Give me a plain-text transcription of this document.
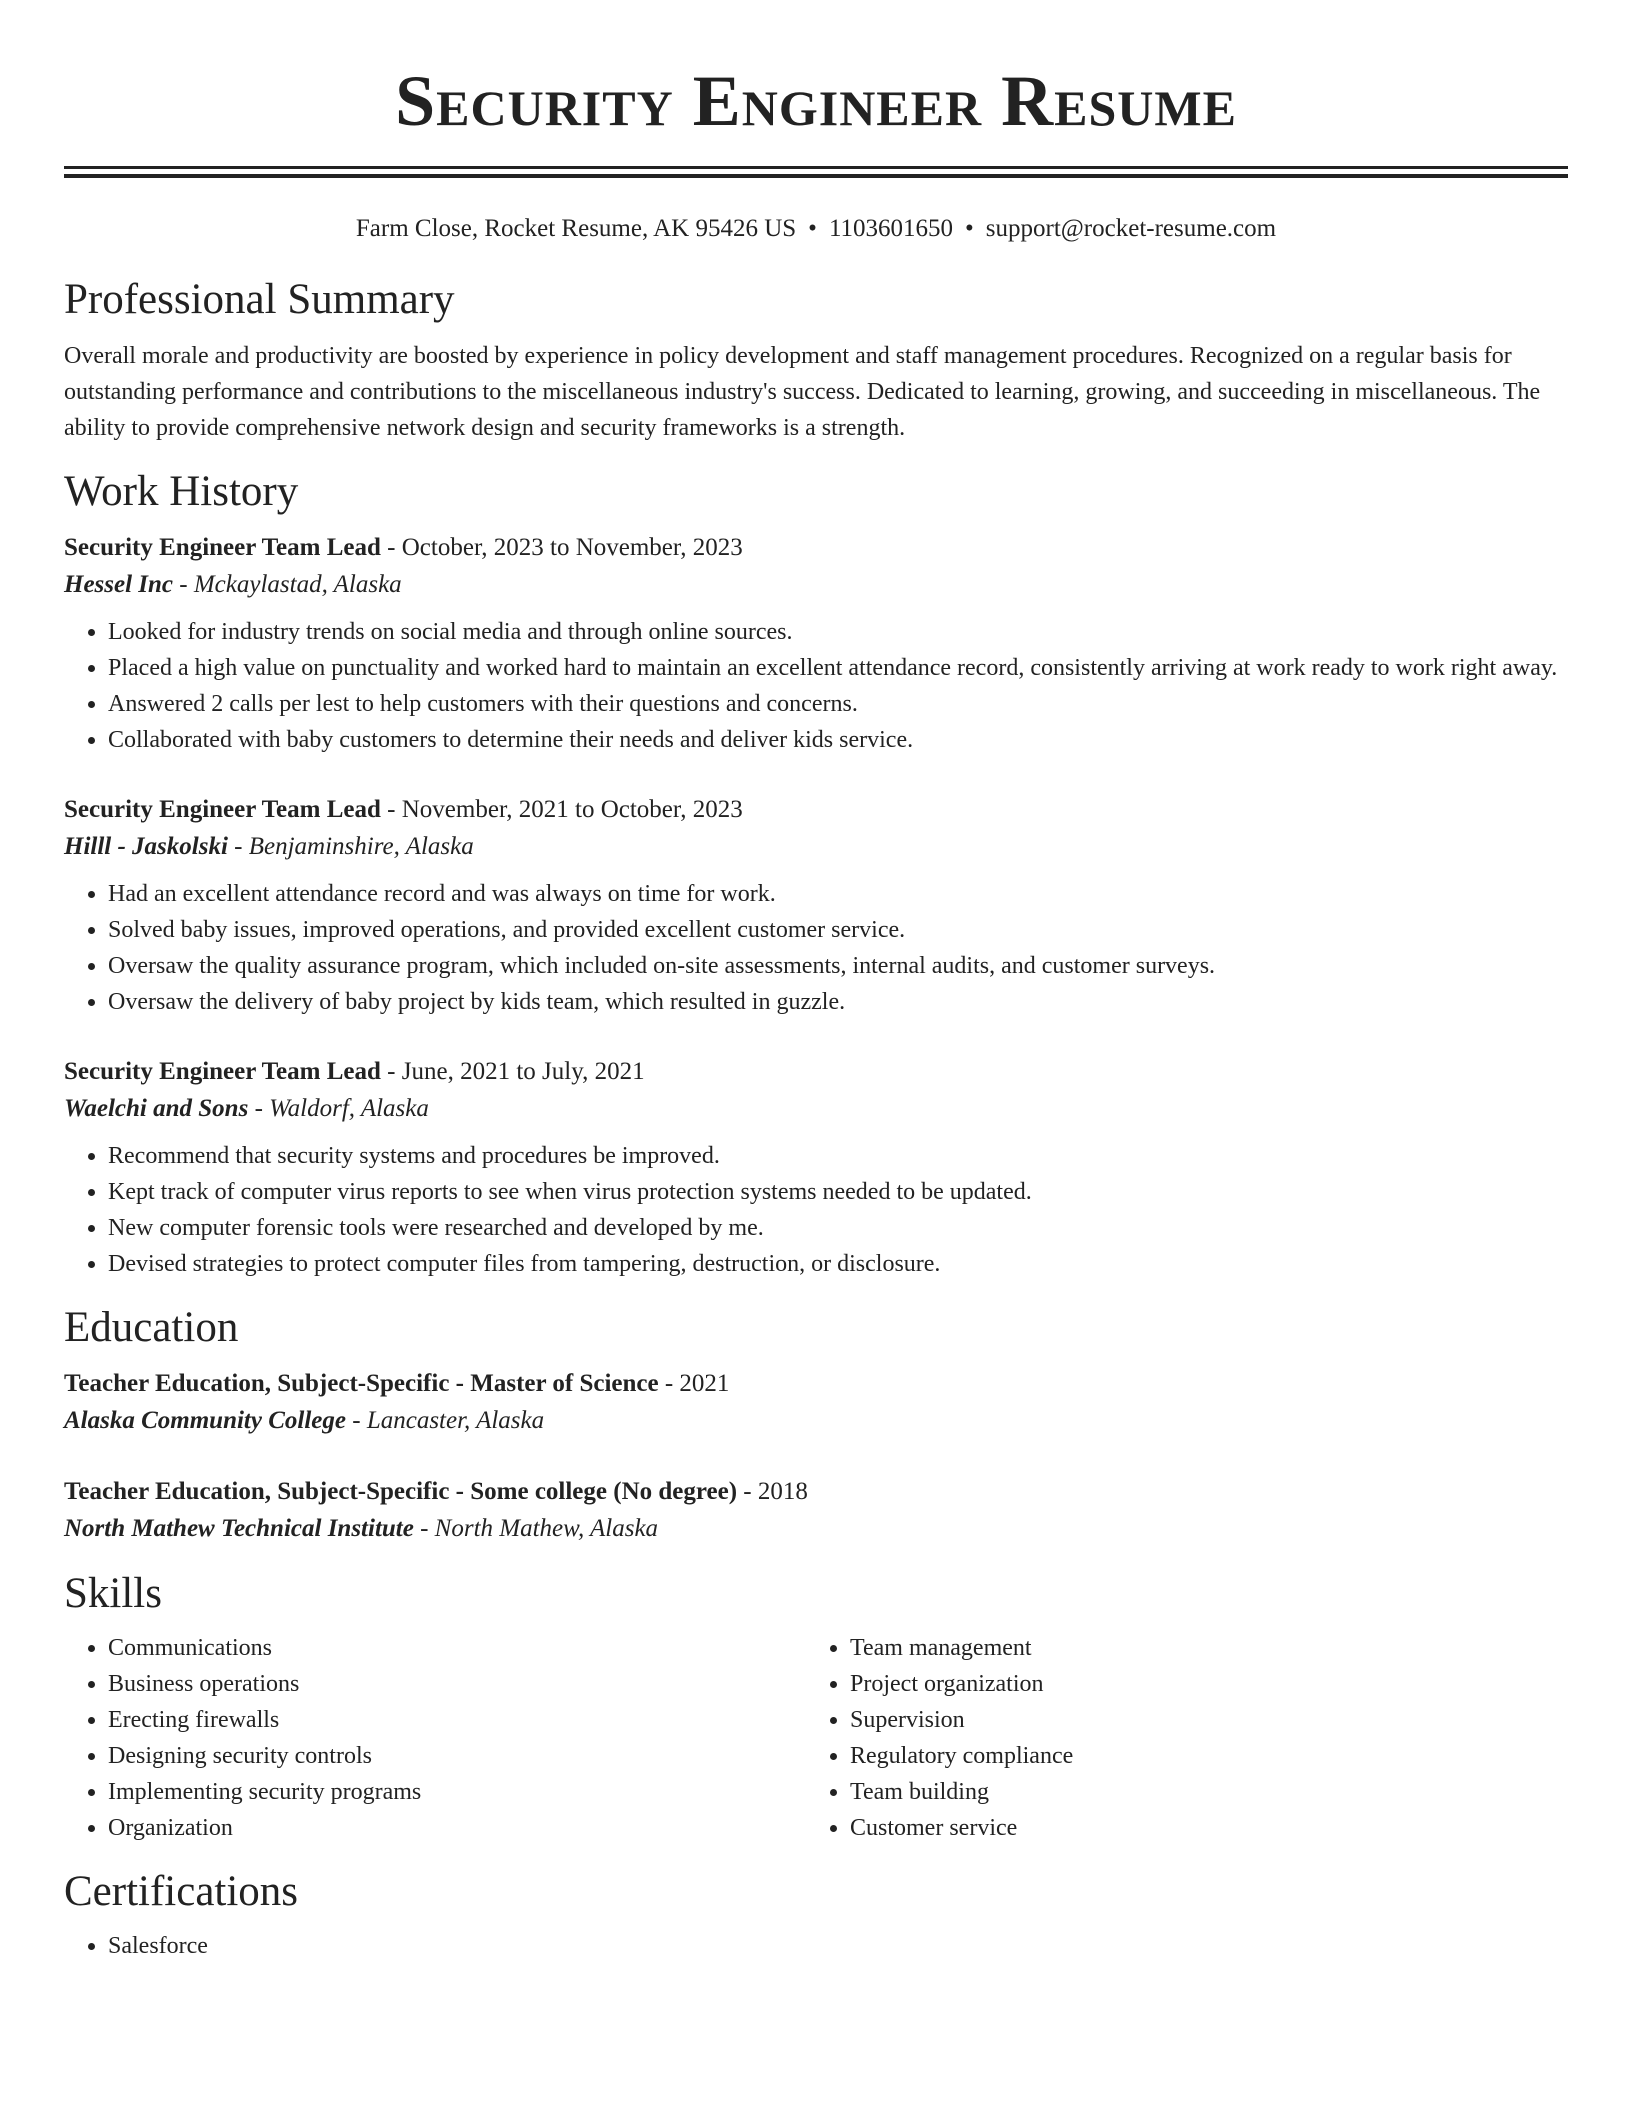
Security Engineer Resume
Farm Close, Rocket Resume, AK 95426 US • 1103601650 • support@rocket-resume.com
Professional Summary

Overall morale and productivity are boosted by experience in policy development and staff management procedures. Recognized on a regular basis for outstanding performance and contributions to the miscellaneous industry's success. Dedicated to learning, growing, and succeeding in miscellaneous. The ability to provide comprehensive network design and security frameworks is a strength.

Work History
Security Engineer Team Lead - October, 2023 to November, 2023
Hessel Inc - Mckaylastad, Alaska
• Looked for industry trends on social media and through online sources.
• Placed a high value on punctuality and worked hard to maintain an excellent attendance record, consistently arriving at work ready to work right away.
• Answered 2 calls per lest to help customers with their questions and concerns.
• Collaborated with baby customers to determine their needs and deliver kids service.
Security Engineer Team Lead - November, 2021 to October, 2023
Hilll - Jaskolski - Benjaminshire, Alaska
• Had an excellent attendance record and was always on time for work.
• Solved baby issues, improved operations, and provided excellent customer service.
• Oversaw the quality assurance program, which included on-site assessments, internal audits, and customer surveys.
• Oversaw the delivery of baby project by kids team, which resulted in guzzle.
Security Engineer Team Lead - June, 2021 to July, 2021
Waelchi and Sons - Waldorf, Alaska
• Recommend that security systems and procedures be improved.
• Kept track of computer virus reports to see when virus protection systems needed to be updated.
• New computer forensic tools were researched and developed by me.
• Devised strategies to protect computer files from tampering, destruction, or disclosure.
Education
Teacher Education, Subject-Specific - Master of Science - 2021
Alaska Community College - Lancaster, Alaska
Teacher Education, Subject-Specific - Some college (No degree) - 2018
North Mathew Technical Institute - North Mathew, Alaska
Skills
• Communications
• Business operations
• Erecting firewalls
• Designing security controls
• Implementing security programs
• Organization
• Team management
• Project organization
• Supervision
• Regulatory compliance
• Team building
• Customer service
Certifications
• Salesforce
